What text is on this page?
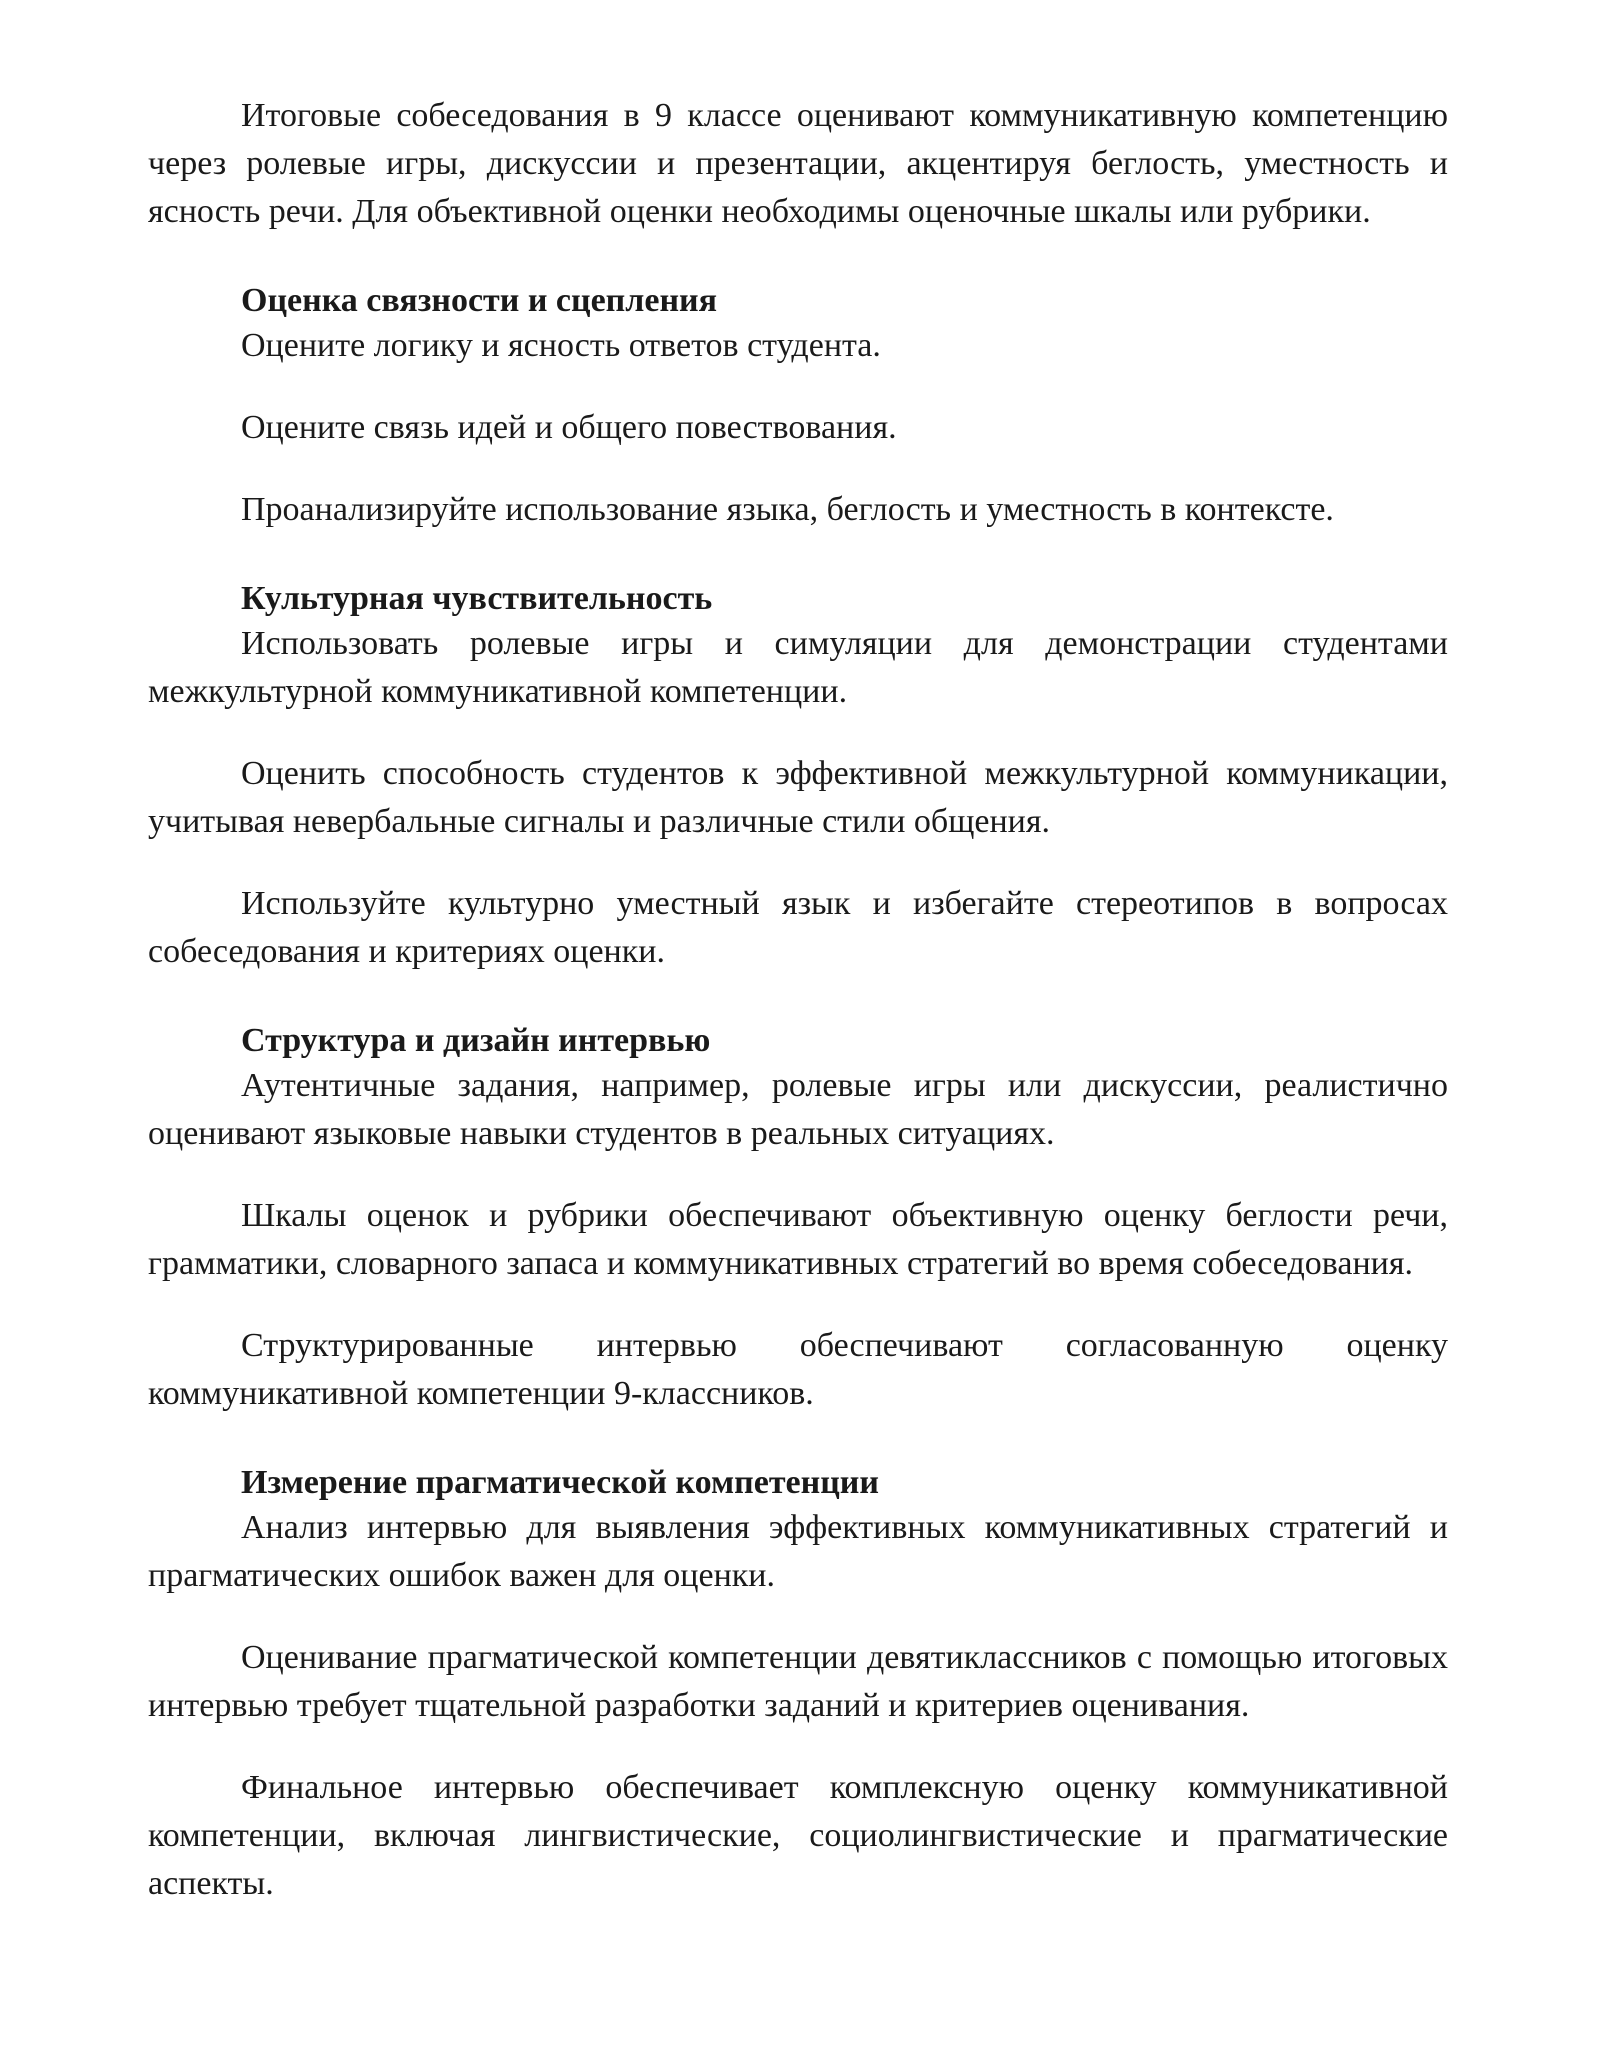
Итоговые собеседования в 9 классе оценивают коммуникативную компетенцию через ролевые игры, дискуссии и презентации, акцентируя беглость, уместность и ясность речи. Для объективной оценки необходимы оценочные шкалы или рубрики.

Оценка связности и сцепления

Оцените логику и ясность ответов студента.

Оцените связь идей и общего повествования.

Проанализируйте использование языка, беглость и уместность в контексте.

Культурная чувствительность

Использовать ролевые игры и симуляции для демонстрации студентами межкультурной коммуникативной компетенции.

Оценить способность студентов к эффективной межкультурной коммуникации, учитывая невербальные сигналы и различные стили общения.

Используйте культурно уместный язык и избегайте стереотипов в вопросах собеседования и критериях оценки.

Структура и дизайн интервью

Аутентичные задания, например, ролевые игры или дискуссии, реалистично оценивают языковые навыки студентов в реальных ситуациях.

Шкалы оценок и рубрики обеспечивают объективную оценку беглости речи, грамматики, словарного запаса и коммуникативных стратегий во время собеседования.

Структурированные интервью обеспечивают согласованную оценку коммуникативной компетенции 9-классников.

Измерение прагматической компетенции

Анализ интервью для выявления эффективных коммуникативных стратегий и прагматических ошибок важен для оценки.

Оценивание прагматической компетенции девятиклассников с помощью итоговых интервью требует тщательной разработки заданий и критериев оценивания.

Финальное интервью обеспечивает комплексную оценку коммуникативной компетенции, включая лингвистические, социолингвистические и прагматические аспекты.
